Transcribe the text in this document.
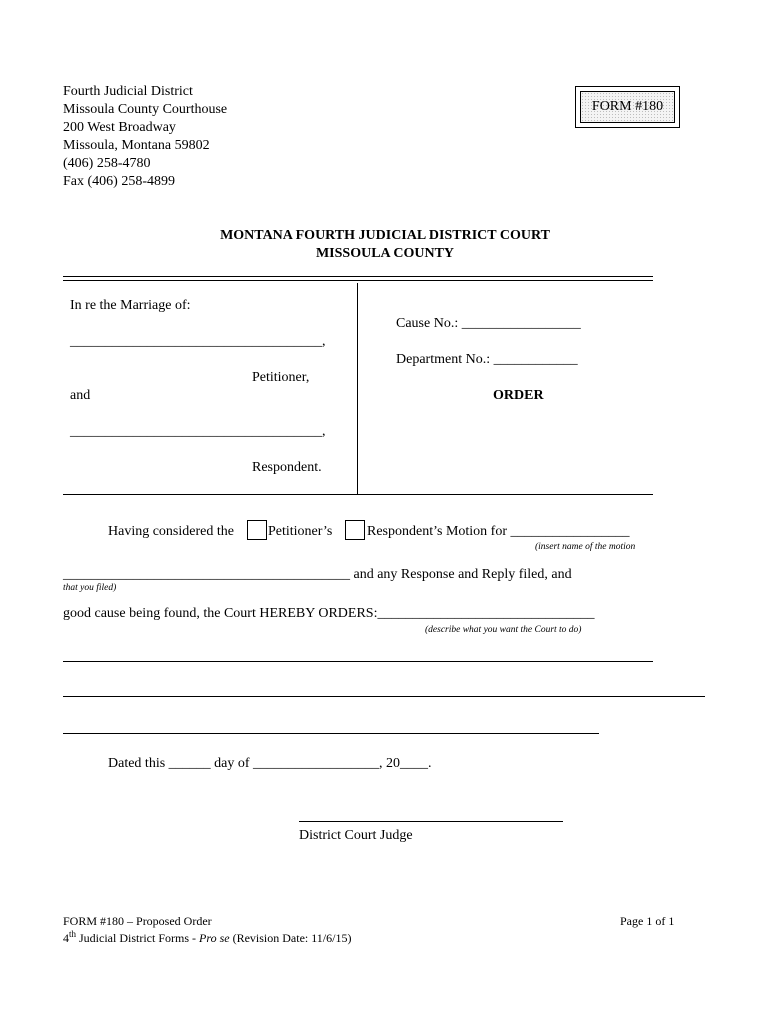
Fourth Judicial District
Missoula County Courthouse
200 West Broadway
Missoula, Montana 59802
(406) 258-4780
Fax (406) 258-4899
FORM #180
MONTANA FOURTH JUDICIAL DISTRICT COURT
MISSOULA COUNTY
In re the Marriage of:
____________________________________,
Petitioner,
and
____________________________________,
Respondent.
Cause No.: _________________
Department No.: ____________
ORDER
Having considered the Petitioner’s Respondent’s Motion for _________________
(insert name of the motion
_________________________________________ and any Response and Reply filed, and
that you filed)
good cause being found, the Court HEREBY ORDERS:_______________________________
(describe what you want the Court to do)
Dated this ______ day of __________________, 20____.
District Court Judge
FORM #180 – Proposed Order
4th Judicial District Forms - Pro se (Revision Date: 11/6/15)
Page 1 of 1
